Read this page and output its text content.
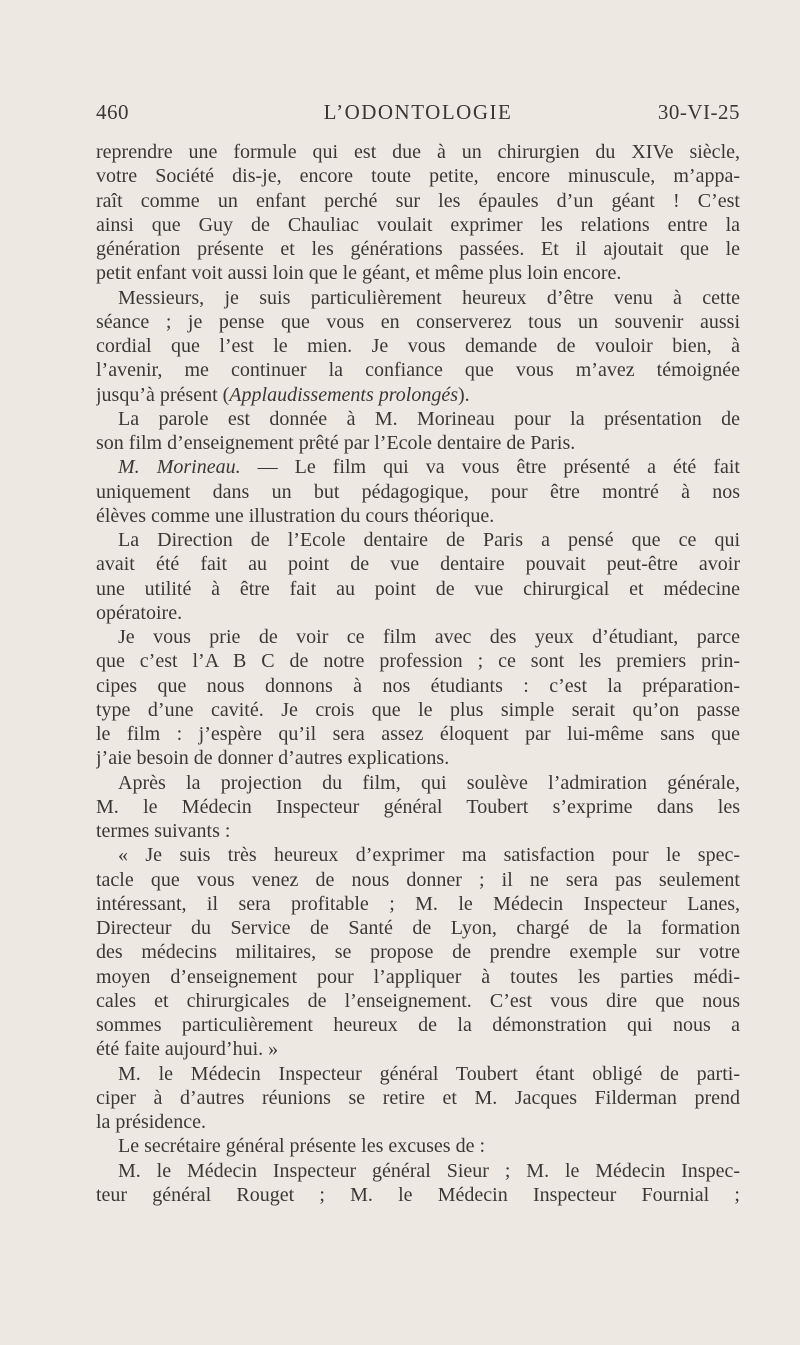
460	L’ODONTOLOGIE	30-VI-25
reprendre une formule qui est due à un chirurgien du XIVe siècle,
votre Société dis-je, encore toute petite, encore minuscule, m’appa-
raît comme un enfant perché sur les épaules d’un géant ! C’est
ainsi que Guy de Chauliac voulait exprimer les relations entre la
génération présente et les générations passées. Et il ajoutait que le
petit enfant voit aussi loin que le géant, et même plus loin encore.
Messieurs, je suis particulièrement heureux d’être venu à cette
séance ; je pense que vous en conserverez tous un souvenir aussi
cordial que l’est le mien. Je vous demande de vouloir bien, à
l’avenir, me continuer la confiance que vous m’avez témoignée
jusqu’à présent (Applaudissements prolongés).
La parole est donnée à M. Morineau pour la présentation de
son film d’enseignement prêté par l’Ecole dentaire de Paris.
M. Morineau. — Le film qui va vous être présenté a été fait
uniquement dans un but pédagogique, pour être montré à nos
élèves comme une illustration du cours théorique.
La Direction de l’Ecole dentaire de Paris a pensé que ce qui
avait été fait au point de vue dentaire pouvait peut-être avoir
une utilité à être fait au point de vue chirurgical et médecine
opératoire.
Je vous prie de voir ce film avec des yeux d’étudiant, parce
que c’est l’A B C de notre profession ; ce sont les premiers prin-
cipes que nous donnons à nos étudiants : c’est la préparation-
type d’une cavité. Je crois que le plus simple serait qu’on passe
le film : j’espère qu’il sera assez éloquent par lui-même sans que
j’aie besoin de donner d’autres explications.
Après la projection du film, qui soulève l’admiration générale,
M. le Médecin Inspecteur général Toubert s’exprime dans les
termes suivants :
« Je suis très heureux d’exprimer ma satisfaction pour le spec-
tacle que vous venez de nous donner ; il ne sera pas seulement
intéressant, il sera profitable ; M. le Médecin Inspecteur Lanes,
Directeur du Service de Santé de Lyon, chargé de la formation
des médecins militaires, se propose de prendre exemple sur votre
moyen d’enseignement pour l’appliquer à toutes les parties médi-
cales et chirurgicales de l’enseignement. C’est vous dire que nous
sommes particulièrement heureux de la démonstration qui nous a
été faite aujourd’hui. »
M. le Médecin Inspecteur général Toubert étant obligé de parti-
ciper à d’autres réunions se retire et M. Jacques Filderman prend
la présidence.
Le secrétaire général présente les excuses de :
M. le Médecin Inspecteur général Sieur ; M. le Médecin Inspec-
teur général Rouget ; M. le Médecin Inspecteur Fournial ;
